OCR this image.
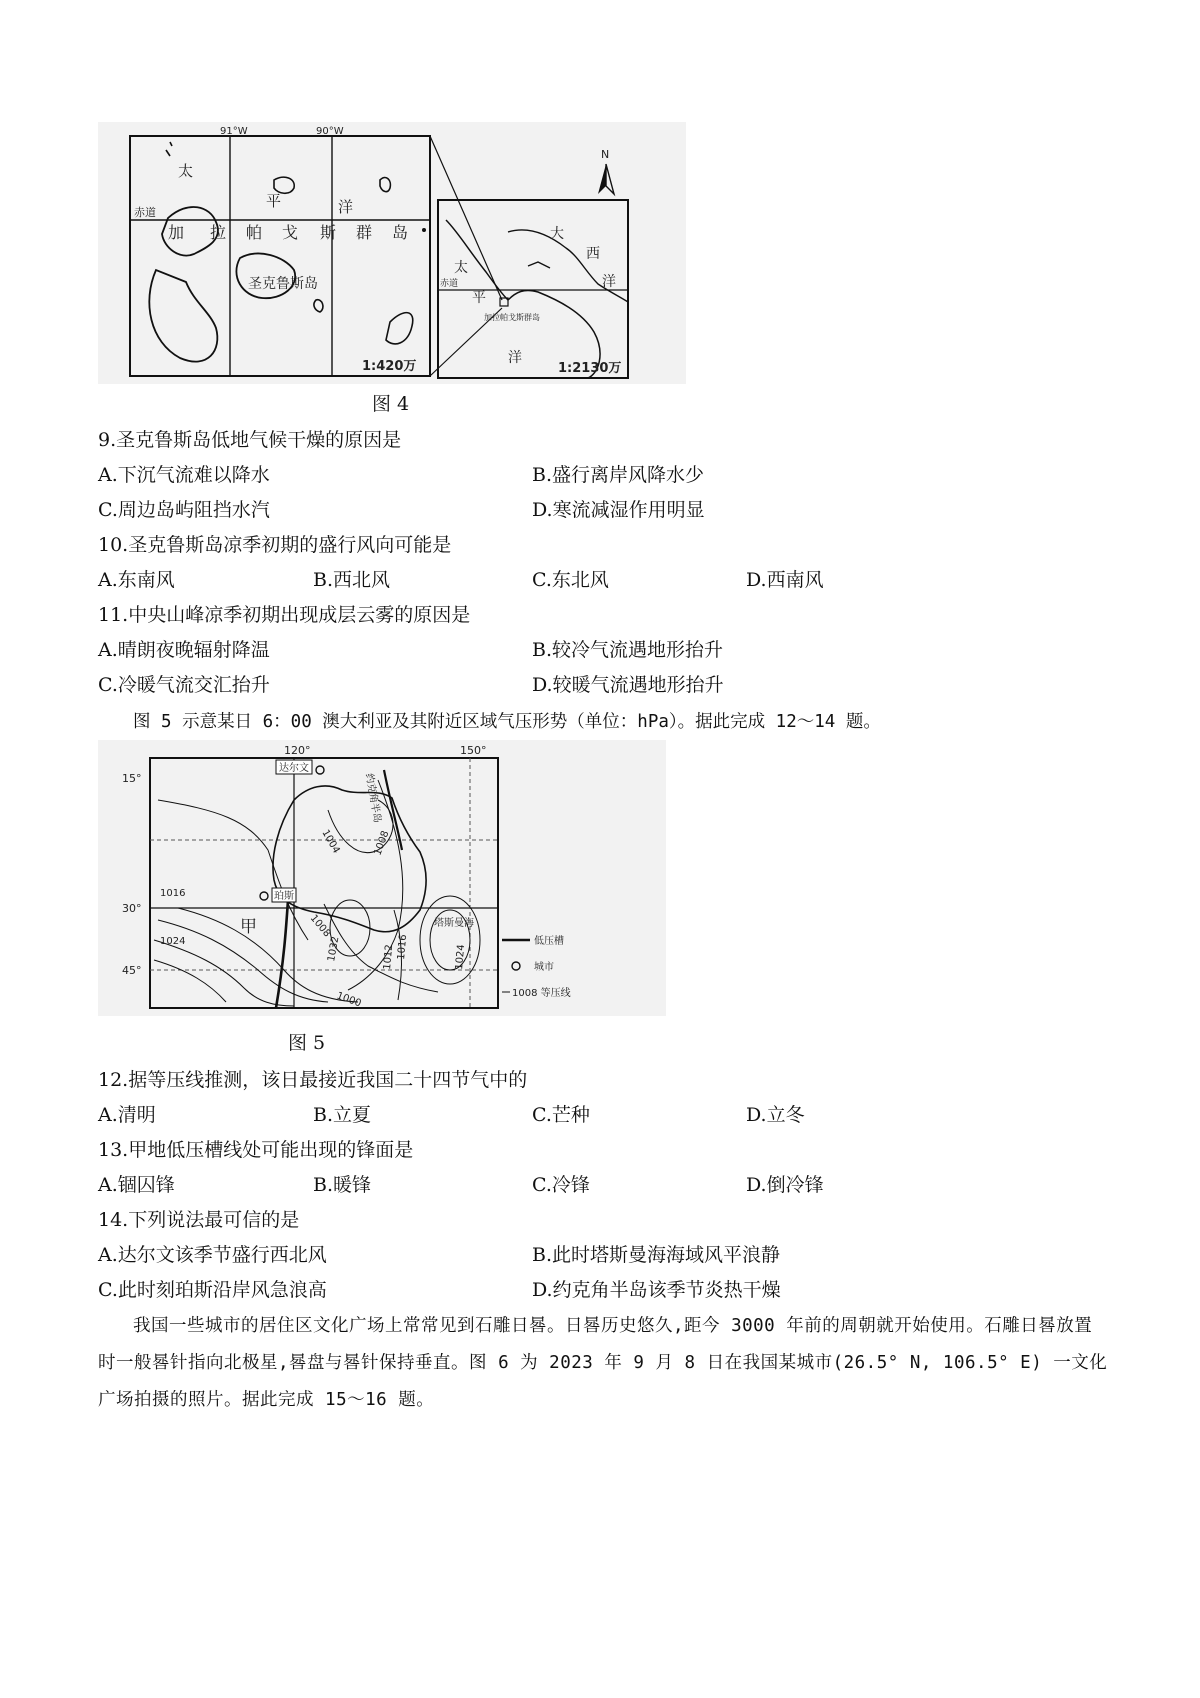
91°W	90°W
赤道
太
平	洋
加 拉 帕 戈 斯 群 岛
圣克鲁斯岛
1:420万
太
平
洋
大
西
洋
赤道
加拉帕戈斯群岛
1:2130万
N
图 4
9.圣克鲁斯岛低地气候干燥的原因是
A.下沉气流难以降水	B.盛行离岸风降水少
C.周边岛屿阻挡水汽	D.寒流减湿作用明显
10.圣克鲁斯岛凉季初期的盛行风向可能是
A.东南风	B.西北风	C.东北风	D.西南风
11.中央山峰凉季初期出现成层云雾的原因是
A.晴朗夜晚辐射降温	B.较冷气流遇地形抬升
C.冷暖气流交汇抬升	D.较暖气流遇地形抬升
图 5 示意某日 6：00 澳大利亚及其附近区域气压形势（单位：hPa）。据此完成 12～14 题。
120°	150°
15°
30°
45°
达尔文
珀斯
约克角半岛
甲	塔斯曼海
1004	1008
1008
1016
1024	1032	1012 1016	1024
1000
低压槽
城市
1008 等压线
图 5
12.据等压线推测，该日最接近我国二十四节气中的
A.清明	B.立夏	C.芒种	D.立冬
13.甲地低压槽线处可能出现的锋面是
A.锢囚锋	B.暖锋	C.冷锋	D.倒冷锋
14.下列说法最可信的是
A.达尔文该季节盛行西北风	B.此时塔斯曼海海域风平浪静
C.此时刻珀斯沿岸风急浪高	D.约克角半岛该季节炎热干燥
我国一些城市的居住区文化广场上常常见到石雕日晷。日晷历史悠久,距今 3000 年前的周朝就开始使用。石雕日晷放置时一般晷针指向北极星,晷盘与晷针保持垂直。图 6 为 2023 年 9 月 8 日在我国某城市(26.5° N, 106.5° E) 一文化广场拍摄的照片。据此完成 15～16 题。
